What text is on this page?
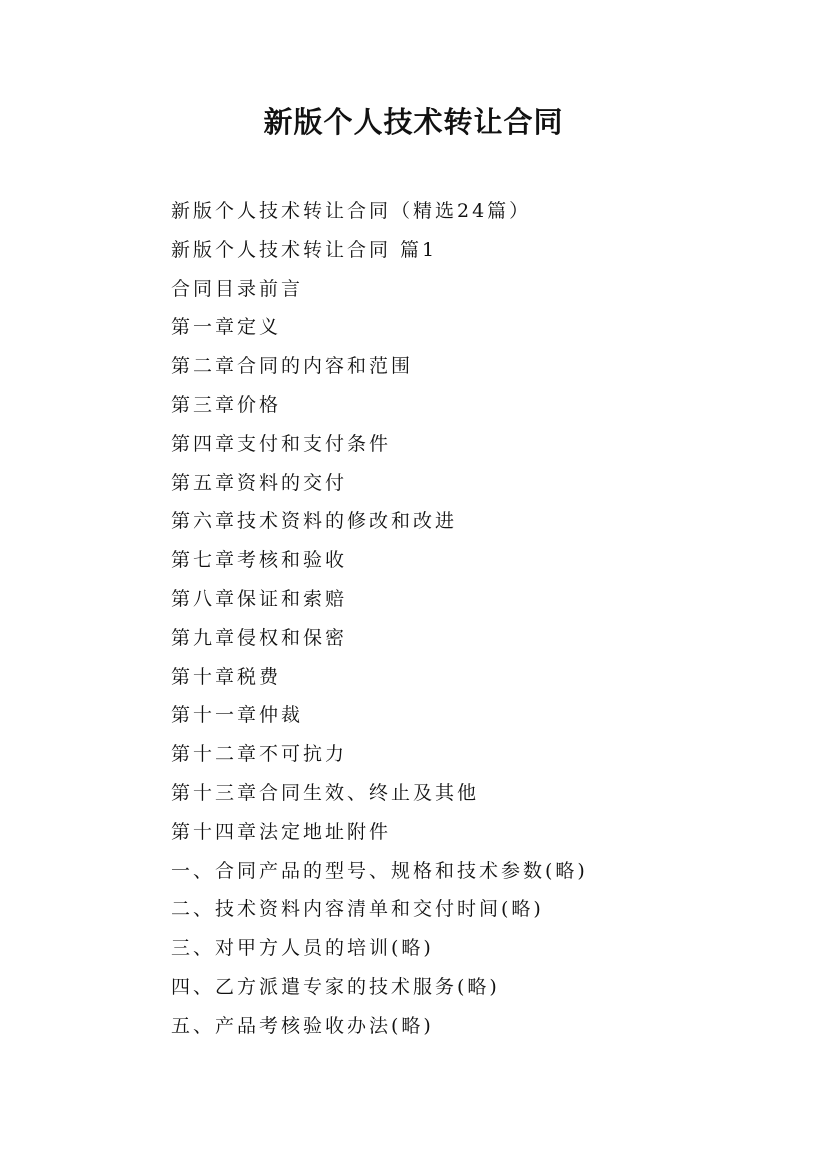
新版个人技术转让合同
新版个人技术转让合同（精选24篇）
新版个人技术转让合同 篇1
合同目录前言
第一章定义
第二章合同的内容和范围
第三章价格
第四章支付和支付条件
第五章资料的交付
第六章技术资料的修改和改进
第七章考核和验收
第八章保证和索赔
第九章侵权和保密
第十章税费
第十一章仲裁
第十二章不可抗力
第十三章合同生效、终止及其他
第十四章法定地址附件
一、合同产品的型号、规格和技术参数(略)
二、技术资料内容清单和交付时间(略)
三、对甲方人员的培训(略)
四、乙方派遣专家的技术服务(略)
五、产品考核验收办法(略)
